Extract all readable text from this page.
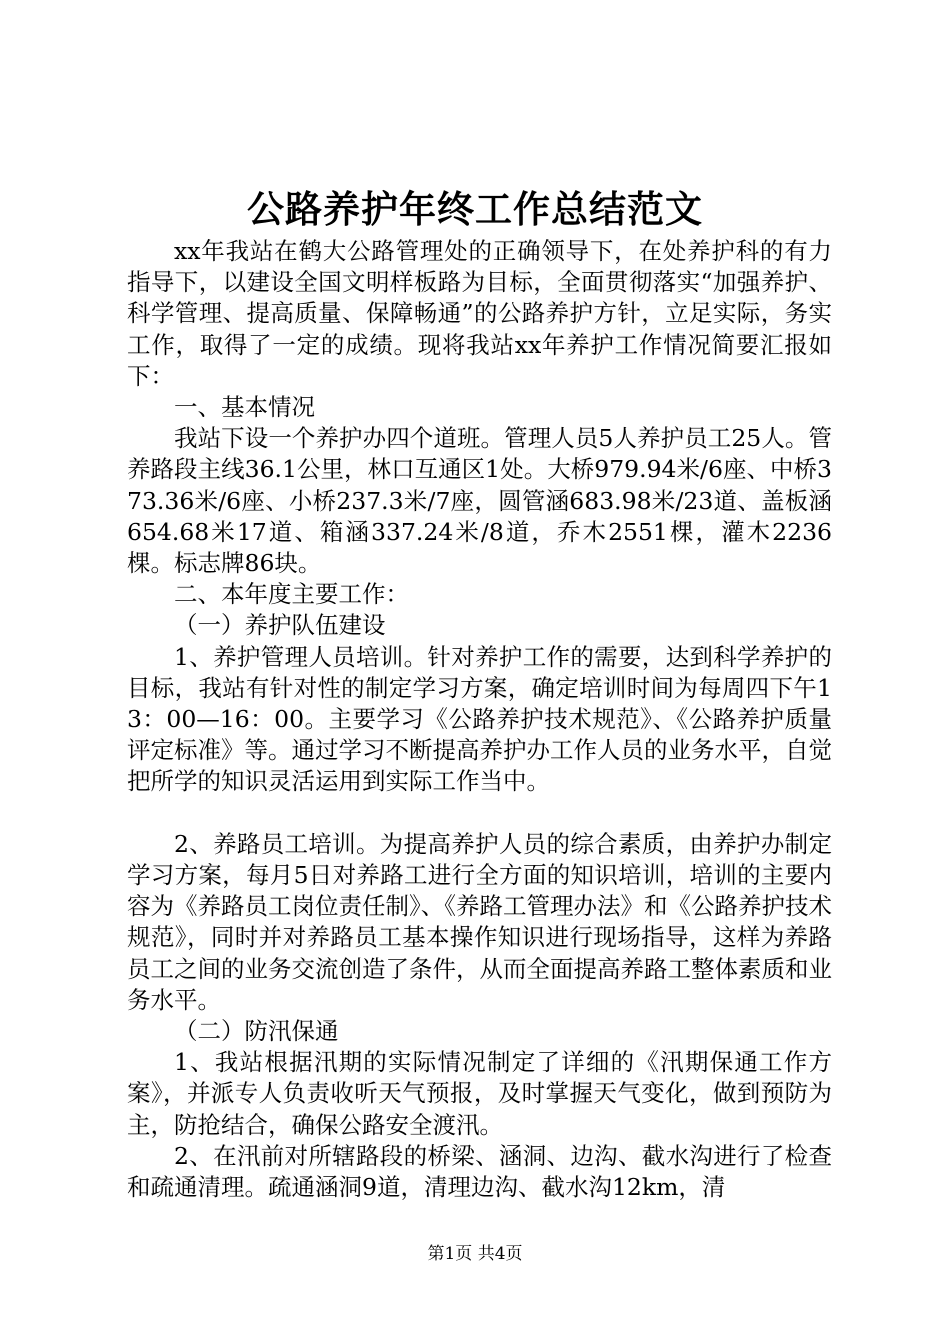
公路养护年终工作总结范文

xx年我站在鹤大公路管理处的正确领导下，在处养护科的有力指导下，以建设全国文明样板路为目标，全面贯彻落实“加强养护、科学管理、提高质量、保障畅通”的公路养护方针，立足实际，务实工作，取得了一定的成绩。现将我站xx年养护工作情况简要汇报如下：

一、基本情况

我站下设一个养护办四个道班。管理人员5人养护员工25人。管养路段主线36.1公里，林口互通区1处。大桥979.94米/6座、中桥373.36米/6座、小桥237.3米/7座，圆管涵683.98米/23道、盖板涵654.68米17道、箱涵337.24米/8道，乔木2551棵，灌木2236棵。标志牌86块。

二、本年度主要工作：

（一）养护队伍建设

1、养护管理人员培训。针对养护工作的需要，达到科学养护的目标，我站有针对性的制定学习方案，确定培训时间为每周四下午13：00—16：00。主要学习《公路养护技术规范》、《公路养护质量评定标准》等。通过学习不断提高养护办工作人员的业务水平，自觉把所学的知识灵活运用到实际工作当中。

2、养路员工培训。为提高养护人员的综合素质，由养护办制定学习方案，每月5日对养路工进行全方面的知识培训，培训的主要内容为《养路员工岗位责任制》、《养路工管理办法》和《公路养护技术规范》，同时并对养路员工基本操作知识进行现场指导，这样为养路员工之间的业务交流创造了条件，从而全面提高养路工整体素质和业务水平。

（二）防汛保通

1、我站根据汛期的实际情况制定了详细的《汛期保通工作方案》，并派专人负责收听天气预报，及时掌握天气变化，做到预防为主，防抢结合，确保公路安全渡汛。

2、在汛前对所辖路段的桥梁、涵洞、边沟、截水沟进行了检查和疏通清理。疏通涵洞9道，清理边沟、截水沟12km，清

第1页 共4页
